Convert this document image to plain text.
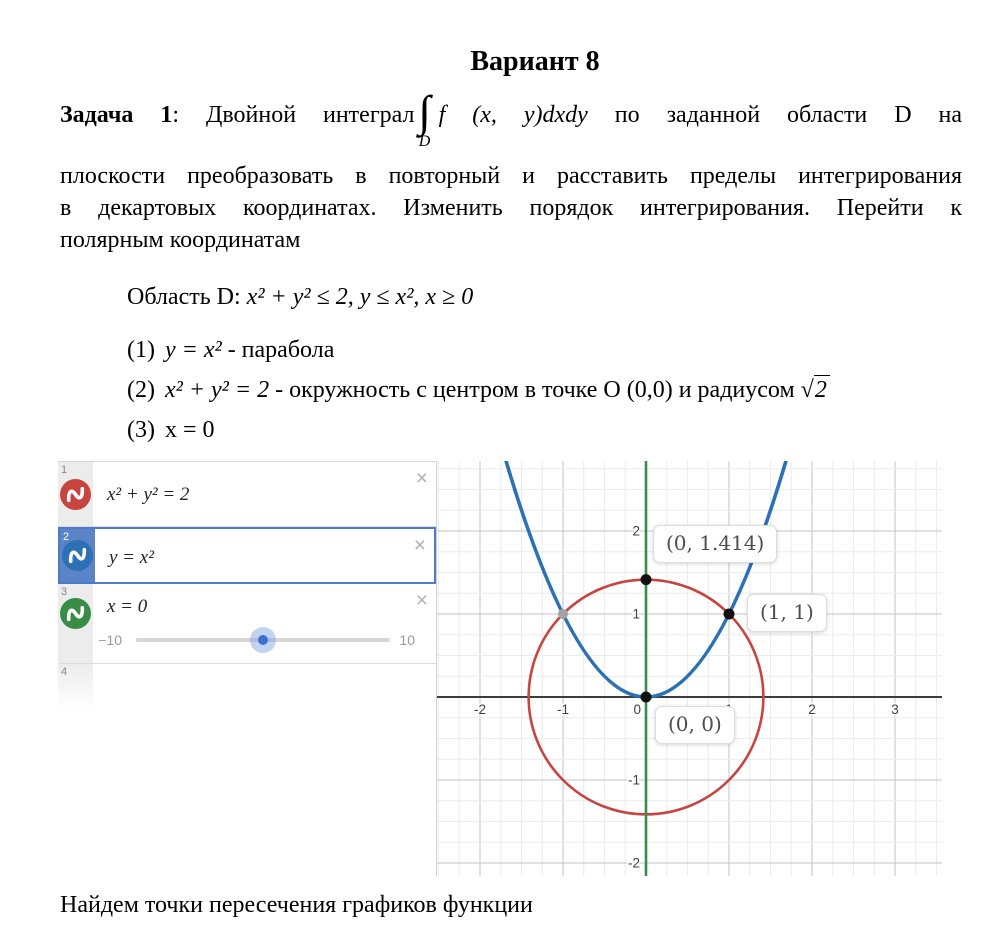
Вариант 8
Задача 1: Двойной интеграл ∫∫
D
f (x, y)dxdy по заданной области D на
плоскости преобразовать в повторный и расставить пределы интегрирования
в декартовых координатах. Изменить порядок интегрирования. Перейти к
полярным координатам
Область D: x² + y² ≤ 2, y ≤ x², x ≥ 0
(1) y = x² - парабола
(2) x² + y² = 2 - окружность с центром в точке О (0,0) и радиусом √2
(3) x = 0
1
x² + y² = 2
×
2
y = x²
×
3
x = 0	×
−10	10
4
-2	-1	0	2	3
2
1
-1
-2
(0, 0)
(1, 1)
(0, 1.414)
Найдем точки пересечения графиков функции
